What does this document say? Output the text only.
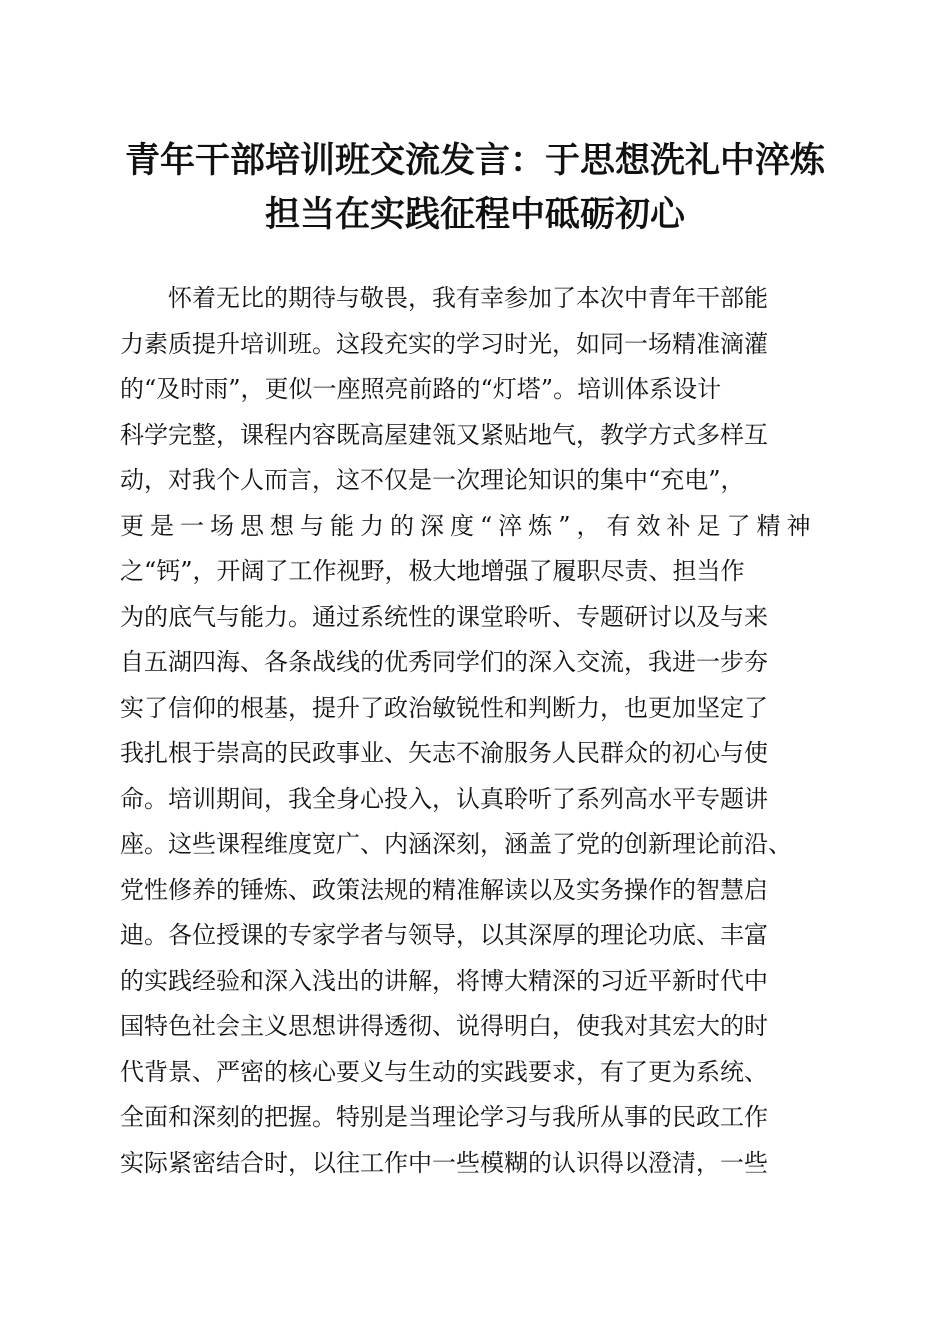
青年干部培训班交流发言：于思想洗礼中淬炼
担当在实践征程中砥砺初心
怀着无比的期待与敬畏，我有幸参加了本次中青年干部能
力素质提升培训班。这段充实的学习时光，如同一场精准滴灌
的“及时雨”，更似一座照亮前路的“灯塔”。培训体系设计
科学完整，课程内容既高屋建瓴又紧贴地气，教学方式多样互
动，对我个人而言，这不仅是一次理论知识的集中“充电”，
更是一场思想与能力的深度“淬炼”，有效补足了精神
之“钙”，开阔了工作视野，极大地增强了履职尽责、担当作
为的底气与能力。通过系统性的课堂聆听、专题研讨以及与来
自五湖四海、各条战线的优秀同学们的深入交流，我进一步夯
实了信仰的根基，提升了政治敏锐性和判断力，也更加坚定了
我扎根于崇高的民政事业、矢志不渝服务人民群众的初心与使
命。培训期间，我全身心投入，认真聆听了系列高水平专题讲
座。这些课程维度宽广、内涵深刻，涵盖了党的创新理论前沿、
党性修养的锤炼、政策法规的精准解读以及实务操作的智慧启
迪。各位授课的专家学者与领导，以其深厚的理论功底、丰富
的实践经验和深入浅出的讲解，将博大精深的习近平新时代中
国特色社会主义思想讲得透彻、说得明白，使我对其宏大的时
代背景、严密的核心要义与生动的实践要求，有了更为系统、
全面和深刻的把握。特别是当理论学习与我所从事的民政工作
实际紧密结合时，以往工作中一些模糊的认识得以澄清，一些
